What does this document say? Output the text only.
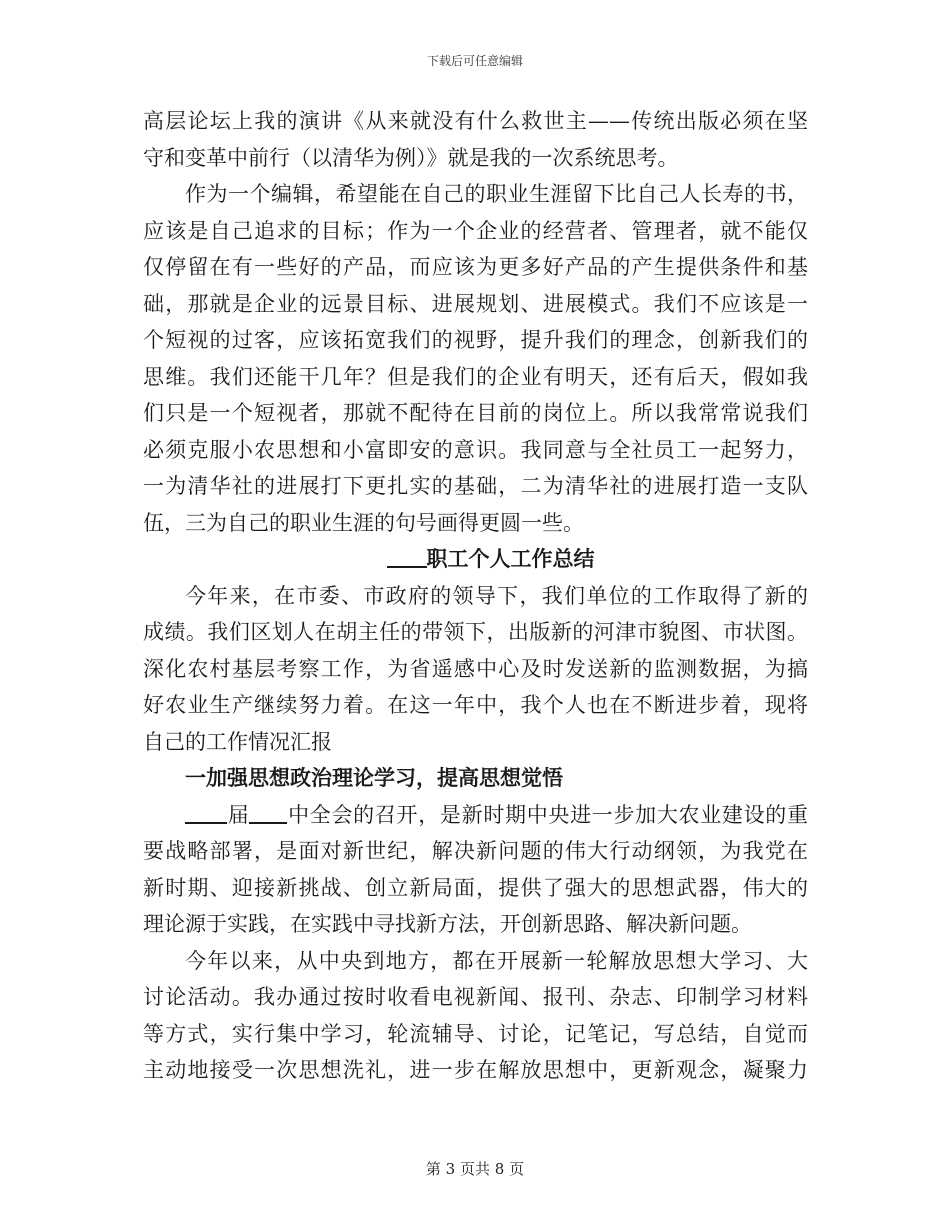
下载后可任意编辑
高层论坛上我的演讲《从来就没有什么救世主——传统出版必须在坚
守和变革中前行（以清华为例）》就是我的一次系统思考。
作为一个编辑，希望能在自己的职业生涯留下比自己人长寿的书，
应该是自己追求的目标；作为一个企业的经营者、管理者，就不能仅
仅停留在有一些好的产品，而应该为更多好产品的产生提供条件和基
础，那就是企业的远景目标、进展规划、进展模式。我们不应该是一
个短视的过客，应该拓宽我们的视野，提升我们的理念，创新我们的
思维。我们还能干几年？但是我们的企业有明天，还有后天，假如我
们只是一个短视者，那就不配待在目前的岗位上。所以我常常说我们
必须克服小农思想和小富即安的意识。我同意与全社员工一起努力，
一为清华社的进展打下更扎实的基础，二为清华社的进展打造一支队
伍，三为自己的职业生涯的句号画得更圆一些。
职工个人工作总结
今年来，在市委、市政府的领导下，我们单位的工作取得了新的
成绩。我们区划人在胡主任的带领下，出版新的河津市貌图、市状图。
深化农村基层考察工作，为省遥感中心及时发送新的监测数据，为搞
好农业生产继续努力着。在这一年中，我个人也在不断进步着，现将
自己的工作情况汇报
一加强思想政治理论学习，提高思想觉悟
届 中全会的召开，是新时期中央进一步加大农业建设的重
要战略部署，是面对新世纪，解决新问题的伟大行动纲领，为我党在
新时期、迎接新挑战、创立新局面，提供了强大的思想武器，伟大的
理论源于实践，在实践中寻找新方法，开创新思路、解决新问题。
今年以来，从中央到地方，都在开展新一轮解放思想大学习、大
讨论活动。我办通过按时收看电视新闻、报刊、杂志、印制学习材料
等方式，实行集中学习，轮流辅导、讨论，记笔记，写总结，自觉而
主动地接受一次思想洗礼，进一步在解放思想中，更新观念，凝聚力
第 3 页共 8 页
